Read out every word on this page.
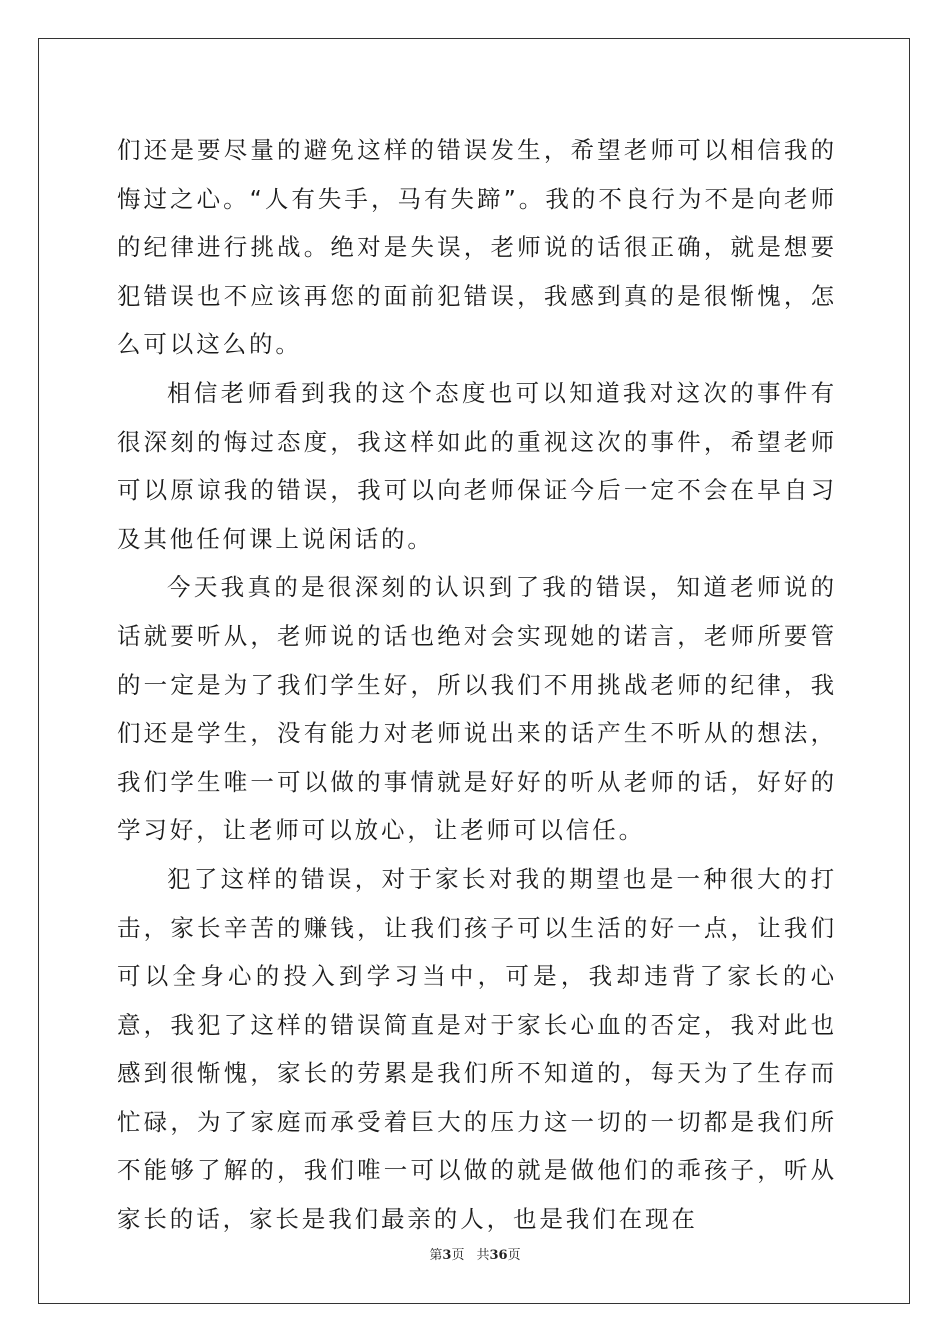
们还是要尽量的避免这样的错误发生，希望老师可以相信我的悔过之心。“人有失手，马有失蹄”。我的不良行为不是向老师的纪律进行挑战。绝对是失误，老师说的话很正确，就是想要犯错误也不应该再您的面前犯错误，我感到真的是很惭愧，怎么可以这么的。

相信老师看到我的这个态度也可以知道我对这次的事件有很深刻的悔过态度，我这样如此的重视这次的事件，希望老师可以原谅我的错误，我可以向老师保证今后一定不会在早自习及其他任何课上说闲话的。

今天我真的是很深刻的认识到了我的错误，知道老师说的话就要听从，老师说的话也绝对会实现她的诺言，老师所要管的一定是为了我们学生好，所以我们不用挑战老师的纪律，我们还是学生，没有能力对老师说出来的话产生不听从的想法，我们学生唯一可以做的事情就是好好的听从老师的话，好好的学习好，让老师可以放心，让老师可以信任。

犯了这样的错误，对于家长对我的期望也是一种很大的打击，家长辛苦的赚钱，让我们孩子可以生活的好一点，让我们可以全身心的投入到学习当中，可是，我却违背了家长的心意，我犯了这样的错误简直是对于家长心血的否定，我对此也感到很惭愧，家长的劳累是我们所不知道的，每天为了生存而忙碌，为了家庭而承受着巨大的压力这一切的一切都是我们所不能够了解的，我们唯一可以做的就是做他们的乖孩子，听从家长的话，家长是我们最亲的人，也是我们在现在

第3页 共36页
